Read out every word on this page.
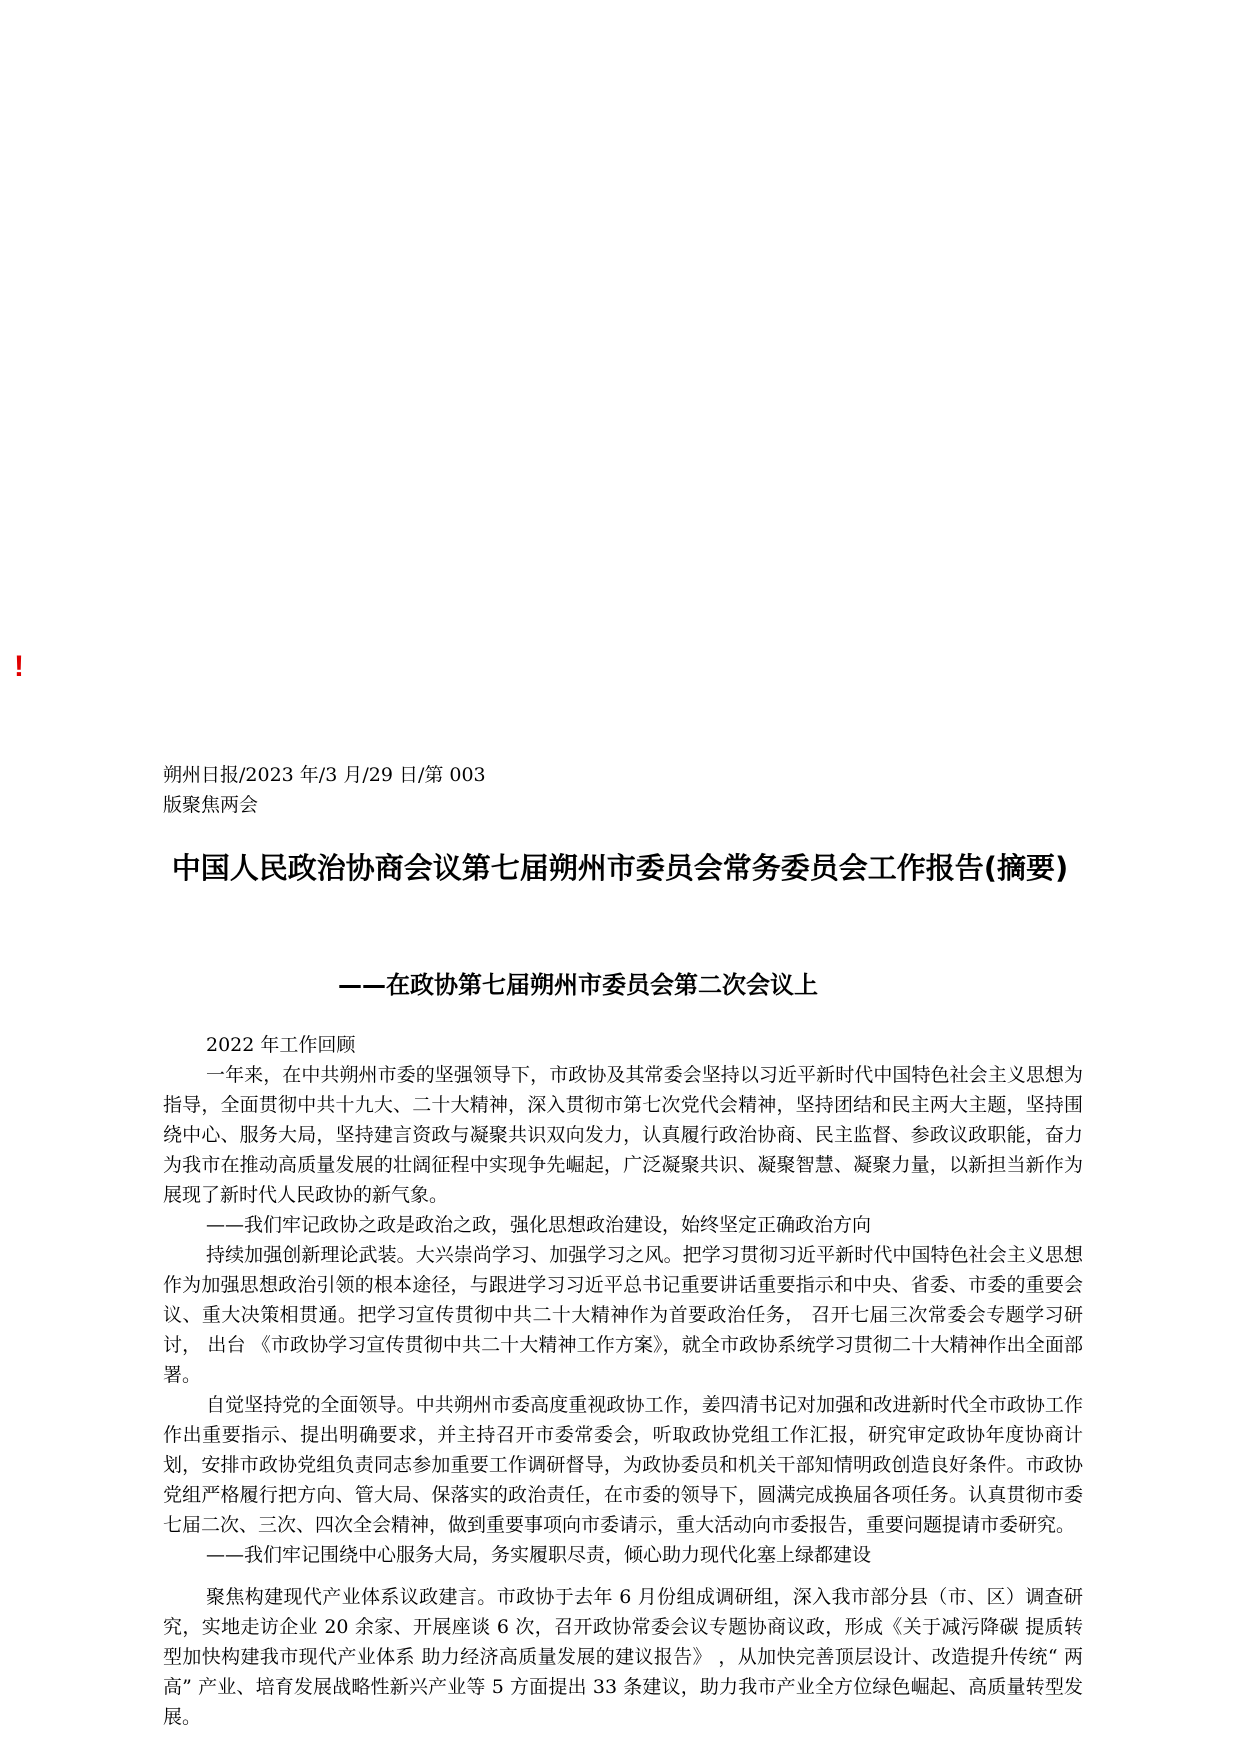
!
朔州日报/2023 年/3 月/29 日/第 003
版聚焦两会
中国人民政治协商会议第七届朔州市委员会常务委员会工作报告(摘要)
——在政协第七届朔州市委员会第二次会议上

2022 年工作回顾

一年来，在中共朔州市委的坚强领导下，市政协及其常委会坚持以习近平新时代中国特色社会主义思想为指导，全面贯彻中共十九大、二十大精神，深入贯彻市第七次党代会精神，坚持团结和民主两大主题，坚持围绕中心、服务大局，坚持建言资政与凝聚共识双向发力，认真履行政治协商、民主监督、参政议政职能，奋力为我市在推动高质量发展的壮阔征程中实现争先崛起，广泛凝聚共识、凝聚智慧、凝聚力量，以新担当新作为展现了新时代人民政协的新气象。

——我们牢记政协之政是政治之政，强化思想政治建设，始终坚定正确政治方向

持续加强创新理论武装。大兴崇尚学习、加强学习之风。把学习贯彻习近平新时代中国特色社会主义思想作为加强思想政治引领的根本途径，与跟进学习习近平总书记重要讲话重要指示和中央、省委、市委的重要会议、重大决策相贯通。把学习宣传贯彻中共二十大精神作为首要政治任务， 召开七届三次常委会专题学习研讨， 出台 《市政协学习宣传贯彻中共二十大精神工作方案》，就全市政协系统学习贯彻二十大精神作出全面部署。

自觉坚持党的全面领导。中共朔州市委高度重视政协工作，姜四清书记对加强和改进新时代全市政协工作作出重要指示、提出明确要求，并主持召开市委常委会，听取政协党组工作汇报，研究审定政协年度协商计划，安排市政协党组负责同志参加重要工作调研督导，为政协委员和机关干部知情明政创造良好条件。市政协党组严格履行把方向、管大局、保落实的政治责任，在市委的领导下，圆满完成换届各项任务。认真贯彻市委七届二次、三次、四次全会精神，做到重要事项向市委请示，重大活动向市委报告，重要问题提请市委研究。

——我们牢记围绕中心服务大局，务实履职尽责，倾心助力现代化塞上绿都建设

聚焦构建现代产业体系议政建言。市政协于去年 6 月份组成调研组，深入我市部分县（市、区）调查研究，实地走访企业 20 余家、开展座谈 6 次，召开政协常委会议专题协商议政，形成《关于减污降碳 提质转型加快构建我市现代产业体系 助力经济高质量发展的建议报告》 ，从加快完善顶层设计、改造提升传统“ 两高” 产业、培育发展战略性新兴产业等 5 方面提出 33 条建议，助力我市产业全方位绿色崛起、高质量转型发展。
